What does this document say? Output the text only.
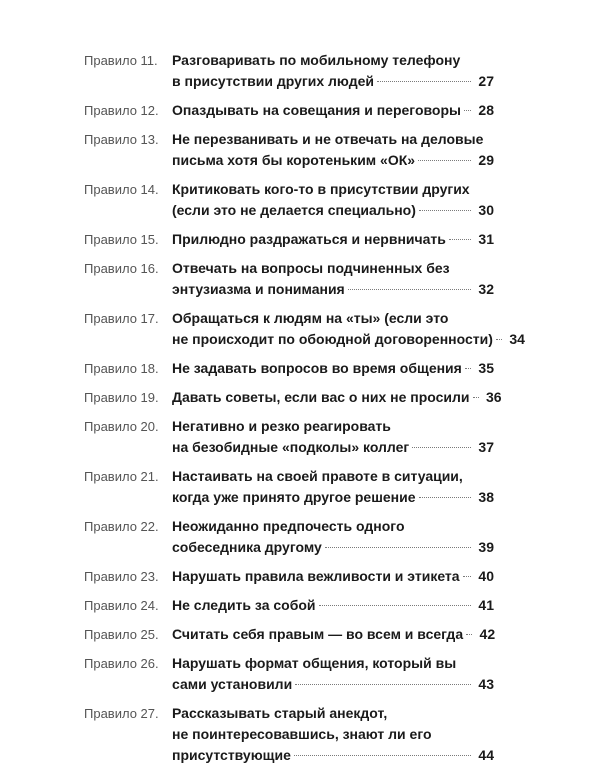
Правило 11.	Разговаривать по мобильному телефону
в присутствии других людей	27
Правило 12. Опаздывать на совещания и переговоры	28
Правило 13. Не перезванивать и не отвечать на деловые
письма хотя бы коротеньким «ОК»	29
Правило 14. Критиковать кого-то в присутствии других
(если это не делается специально)	30
Правило 15. Прилюдно раздражаться и нервничать	31
Правило 16. Отвечать на вопросы подчиненных без
энтузиазма и понимания	32
Правило 17. Обращаться к людям на «ты» (если это
не происходит по обоюдной договоренности)	34
Правило 18. Не задавать вопросов во время общения	35
Правило 19. Давать советы, если вас о них не просили	36
Правило 20. Негативно и резко реагировать
на безобидные «подколы» коллег	37
Правило 21. Настаивать на своей правоте в ситуации,
когда уже принято другое решение	38
Правило 22. Неожиданно предпочесть одного
собеседника другому	39
Правило 23. Нарушать правила вежливости и этикета	40
Правило 24. Не следить за собой	41
Правило 25. Считать себя правым — во всем и всегда	42
Правило 26. Нарушать формат общения, который вы
сами установили	43
Правило 27. Рассказывать старый анекдот,
не поинтересовавшись, знают ли его
присутствующие	44
